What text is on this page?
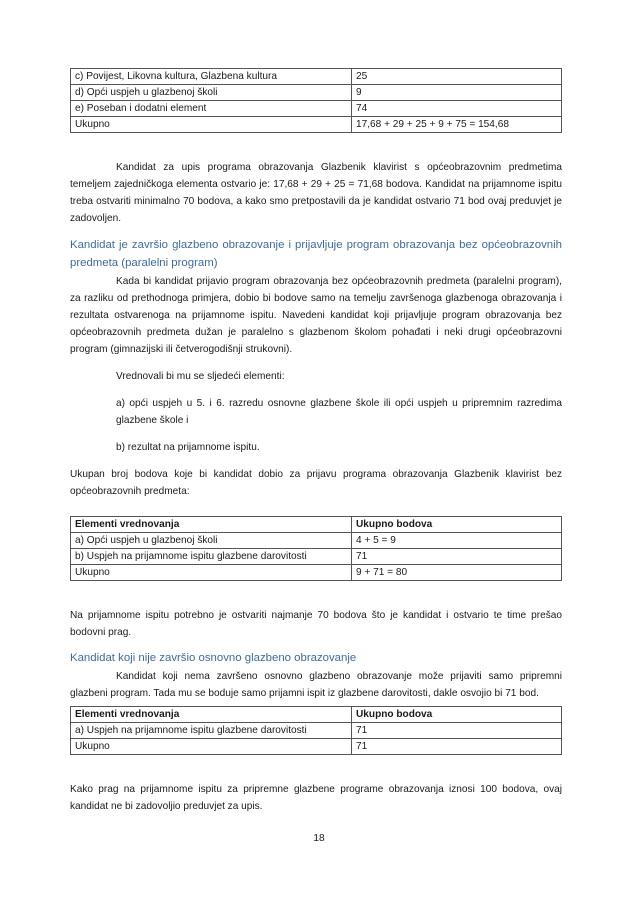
c) Povijest, Likovna kultura, Glazbena kultura	25
d) Opći uspjeh u glazbenoj školi	9
e) Poseban i dodatni element	74
Ukupno	17,68 + 29 + 25 + 9 + 75 = 154,68

Kandidat za upis programa obrazovanja Glazbenik klavirist s općeobrazovnim predmetima temeljem zajedničkoga elementa ostvario je: 17,68 + 29 + 25 = 71,68 bodova. Kandidat na prijamnome ispitu treba ostvariti minimalno 70 bodova, a kako smo pretpostavili da je kandidat ostvario 71 bod ovaj preduvjet je zadovoljen.

Kandidat je završio glazbeno obrazovanje i prijavljuje program obrazovanja bez općeobrazovnih predmeta (paralelni program)

Kada bi kandidat prijavio program obrazovanja bez općeobrazovnih predmeta (paralelni program), za razliku od prethodnoga primjera, dobio bi bodove samo na temelju završenoga glazbenoga obrazovanja i rezultata ostvarenoga na prijamnome ispitu. Navedeni kandidat koji prijavljuje program obrazovanja bez općeobrazovnih predmeta dužan je paralelno s glazbenom školom pohađati i neki drugi općeobrazovni program (gimnazijski ili četverogodišnji strukovni).

Vrednovali bi mu se sljedeći elementi:

a) opći uspjeh u 5. i 6. razredu osnovne glazbene škole ili opći uspjeh u pripremnim razredima glazbene škole i

b) rezultat na prijamnome ispitu.

Ukupan broj bodova koje bi kandidat dobio za prijavu programa obrazovanja Glazbenik klavirist bez općeobrazovnih predmeta:

Elementi vrednovanja	Ukupno bodova
a) Opći uspjeh u glazbenoj školi	4 + 5 = 9
b) Uspjeh na prijamnome ispitu glazbene darovitosti	71
Ukupno	9 + 71 = 80

Na prijamnome ispitu potrebno je ostvariti najmanje 70 bodova što je kandidat i ostvario te time prešao bodovni prag.

Kandidat koji nije završio osnovno glazbeno obrazovanje

Kandidat koji nema završeno osnovno glazbeno obrazovanje može prijaviti samo pripremni glazbeni program. Tada mu se boduje samo prijamni ispit iz glazbene darovitosti, dakle osvojio bi 71 bod.

Elementi vrednovanja	Ukupno bodova
a) Uspjeh na prijamnome ispitu glazbene darovitosti	71
Ukupno	71

Kako prag na prijamnome ispitu za pripremne glazbene programe obrazovanja iznosi 100 bodova, ovaj kandidat ne bi zadovoljio preduvjet za upis.

18
